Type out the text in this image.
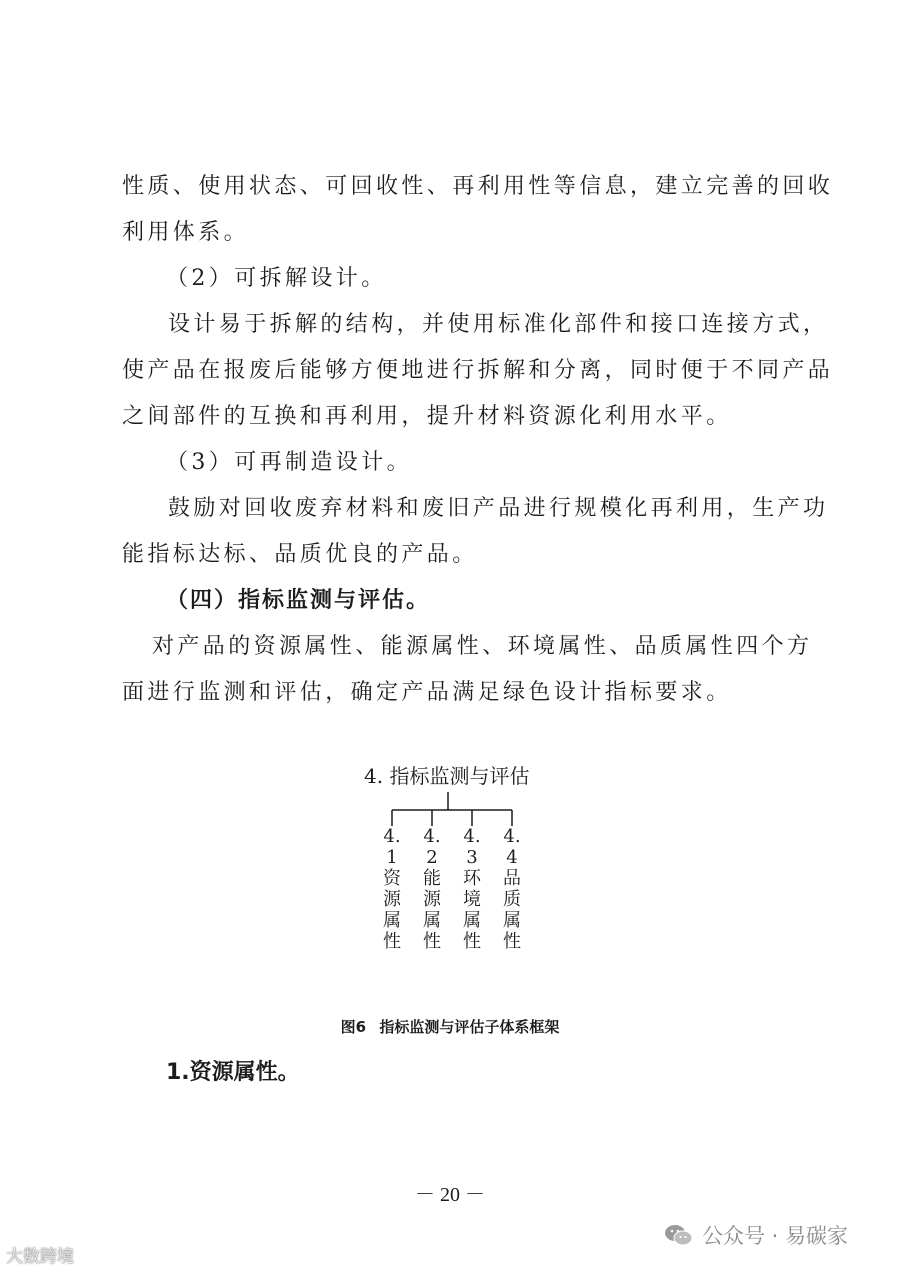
性质、使用状态、可回收性、再利用性等信息，建立完善的回收
利用体系。
（2）可拆解设计。
设计易于拆解的结构，并使用标准化部件和接口连接方式，
使产品在报废后能够方便地进行拆解和分离，同时便于不同产品
之间部件的互换和再利用，提升材料资源化利用水平。
（3）可再制造设计。
鼓励对回收废弃材料和废旧产品进行规模化再利用，生产功
能指标达标、品质优良的产品。
（四）指标监测与评估。
对产品的资源属性、能源属性、环境属性、品质属性四个方
面进行监测和评估，确定产品满足绿色设计指标要求。
4. 指标监测与评估
4.
1
资
源
属
性
4.
2
能
源
属
性
4.
3
环
境
属
性
4.
4
品
质
属
性
图6 指标监测与评估子体系框架
1.资源属性。
－ 20 －
大数跨境
公众号 · 易碳家
